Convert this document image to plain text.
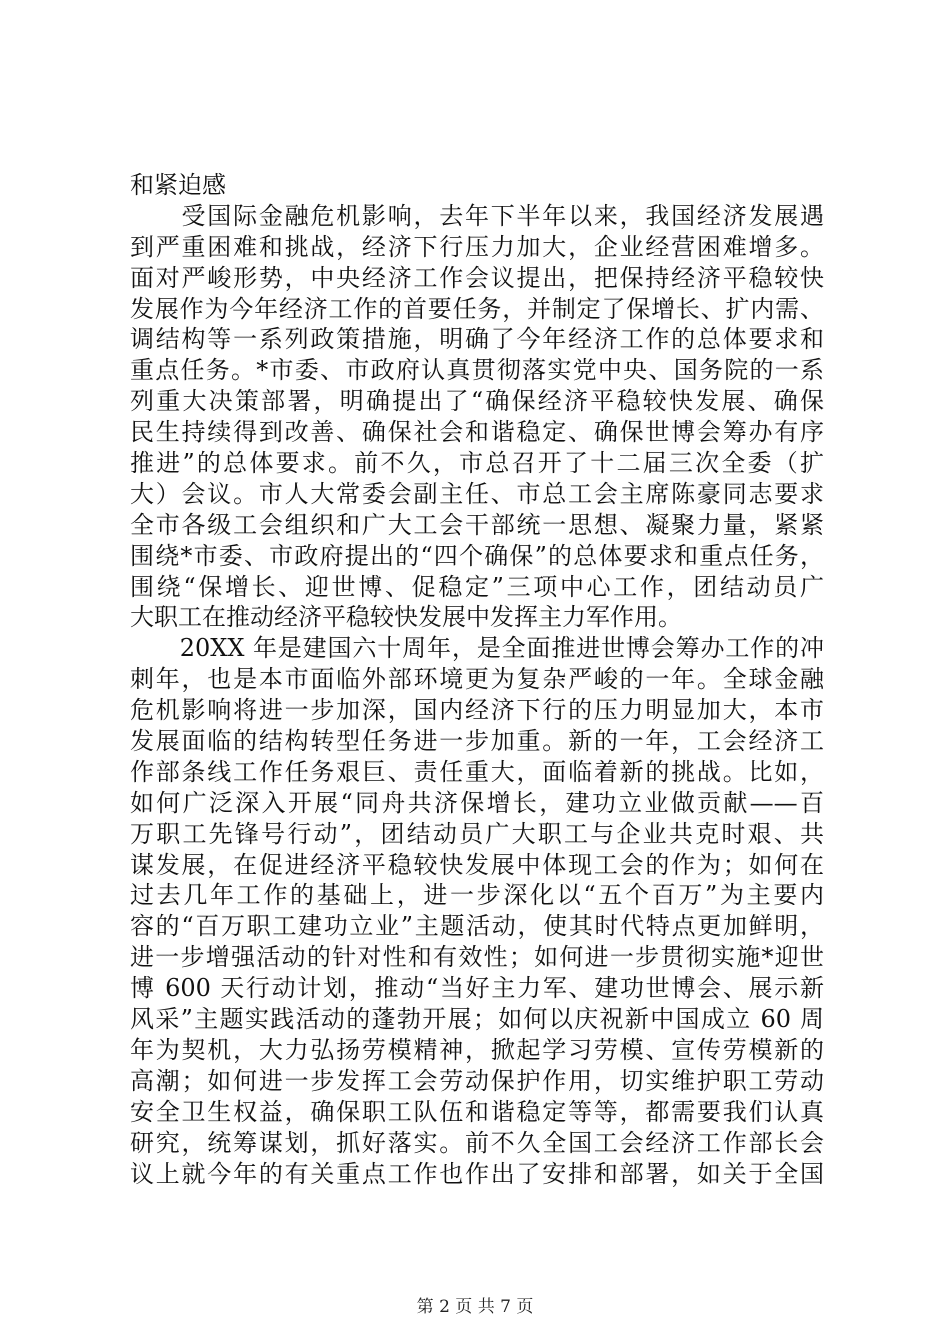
和紧迫感
　　受国际金融危机影响，去年下半年以来，我国经济发展遇
到严重困难和挑战，经济下行压力加大，企业经营困难增多。
面对严峻形势，中央经济工作会议提出，把保持经济平稳较快
发展作为今年经济工作的首要任务，并制定了保增长、扩内需、
调结构等一系列政策措施，明确了今年经济工作的总体要求和
重点任务。*市委、市政府认真贯彻落实党中央、国务院的一系
列重大决策部署，明确提出了“确保经济平稳较快发展、确保
民生持续得到改善、确保社会和谐稳定、确保世博会筹办有序
推进”的总体要求。前不久，市总召开了十二届三次全委（扩
大）会议。市人大常委会副主任、市总工会主席陈豪同志要求
全市各级工会组织和广大工会干部统一思想、凝聚力量，紧紧
围绕*市委、市政府提出的“四个确保”的总体要求和重点任务，
围绕“保增长、迎世博、促稳定”三项中心工作，团结动员广
大职工在推动经济平稳较快发展中发挥主力军作用。
　　20XX 年是建国六十周年，是全面推进世博会筹办工作的冲
刺年，也是本市面临外部环境更为复杂严峻的一年。全球金融
危机影响将进一步加深，国内经济下行的压力明显加大，本市
发展面临的结构转型任务进一步加重。新的一年，工会经济工
作部条线工作任务艰巨、责任重大，面临着新的挑战。比如，
如何广泛深入开展“同舟共济保增长，建功立业做贡献——百
万职工先锋号行动”，团结动员广大职工与企业共克时艰、共
谋发展，在促进经济平稳较快发展中体现工会的作为；如何在
过去几年工作的基础上，进一步深化以“五个百万”为主要内
容的“百万职工建功立业”主题活动，使其时代特点更加鲜明，
进一步增强活动的针对性和有效性；如何进一步贯彻实施*迎世
博 600 天行动计划，推动“当好主力军、建功世博会、展示新
风采”主题实践活动的蓬勃开展；如何以庆祝新中国成立 60 周
年为契机，大力弘扬劳模精神，掀起学习劳模、宣传劳模新的
高潮；如何进一步发挥工会劳动保护作用，切实维护职工劳动
安全卫生权益，确保职工队伍和谐稳定等等，都需要我们认真
研究，统筹谋划，抓好落实。前不久全国工会经济工作部长会
议上就今年的有关重点工作也作出了安排和部署，如关于全国
第 2 页 共 7 页
